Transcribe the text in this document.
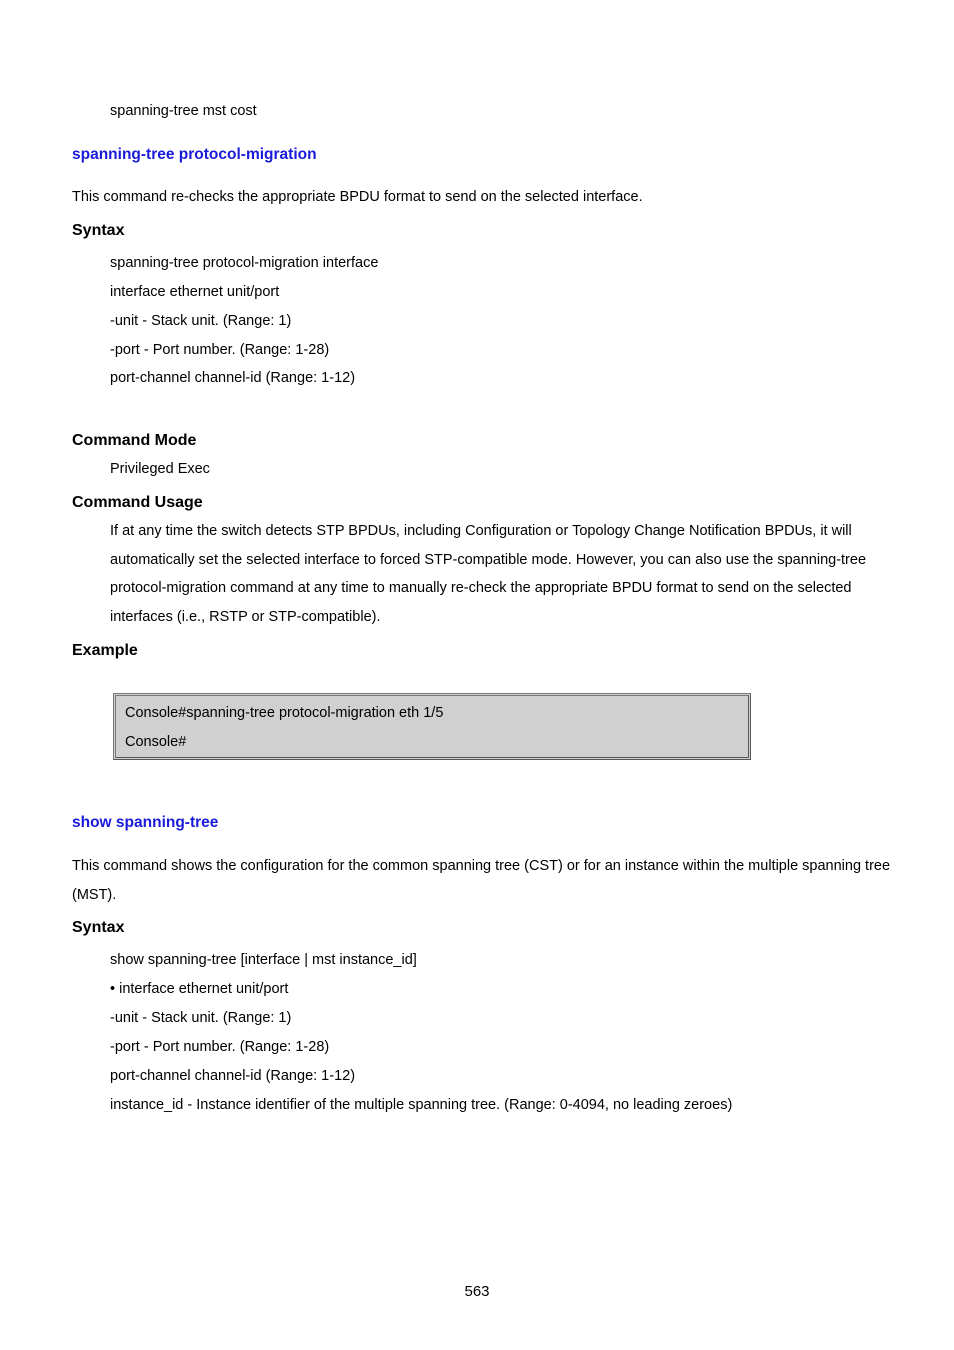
spanning-tree mst cost
spanning-tree protocol-migration
This command re-checks the appropriate BPDU format to send on the selected interface.
Syntax
spanning-tree protocol-migration interface
interface ethernet unit/port
-unit - Stack unit. (Range: 1)
-port - Port number. (Range: 1-28)
port-channel channel-id (Range: 1-12)
Command Mode
Privileged Exec
Command Usage
If at any time the switch detects STP BPDUs, including Configuration or Topology Change Notification BPDUs, it will
automatically set the selected interface to forced STP-compatible mode. However, you can also use the spanning-tree
protocol-migration command at any time to manually re-check the appropriate BPDU format to send on the selected
interfaces (i.e., RSTP or STP-compatible).
Example
Console#spanning-tree protocol-migration eth 1/5
Console#
show spanning-tree
This command shows the configuration for the common spanning tree (CST) or for an instance within the multiple spanning tree
(MST).
Syntax
show spanning-tree [interface | mst instance_id]
• interface ethernet unit/port
-unit - Stack unit. (Range: 1)
-port - Port number. (Range: 1-28)
port-channel channel-id (Range: 1-12)
instance_id - Instance identifier of the multiple spanning tree. (Range: 0-4094, no leading zeroes)
563
